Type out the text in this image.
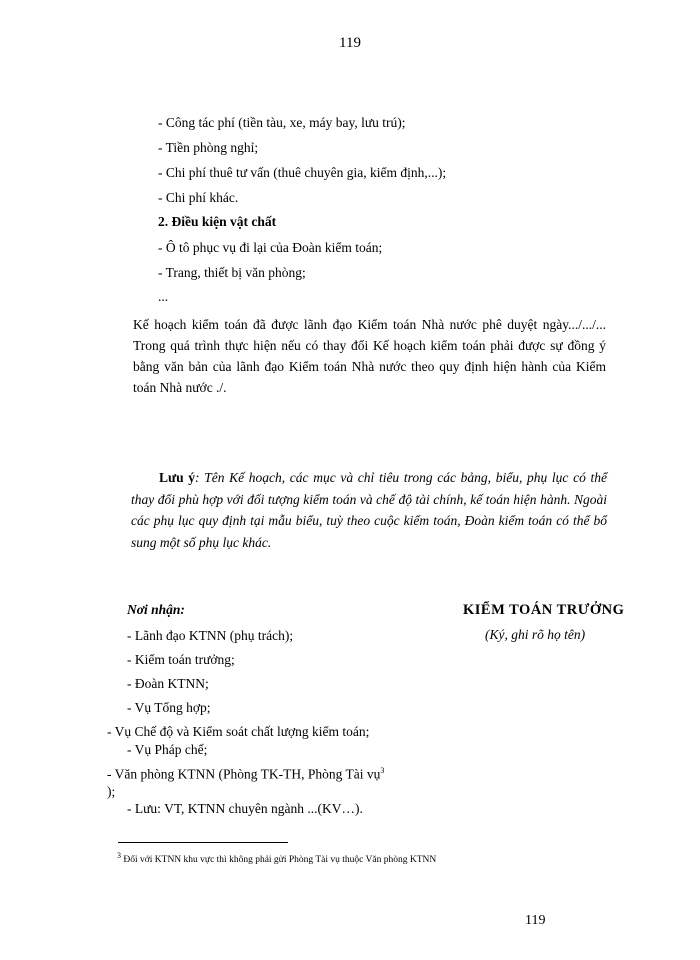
119
- Công tác phí (tiền tàu, xe, máy bay, lưu trú);
- Tiền phòng nghỉ;
- Chi phí thuê tư vấn (thuê chuyên gia, kiểm định,...);
- Chi phí khác.
2. Điều kiện vật chất
- Ô tô phục vụ đi lại của Đoàn kiểm toán;
- Trang, thiết bị văn phòng;
...
Kế hoạch kiểm toán đã được lãnh đạo Kiểm toán Nhà nước phê duyệt ngày.../.../... Trong quá trình thực hiện nếu có thay đổi Kế hoạch kiểm toán phải được sự đồng ý bằng văn bản của lãnh đạo Kiểm toán Nhà nước theo quy định hiện hành của Kiểm toán Nhà nước ./.
Lưu ý: Tên Kế hoạch, các mục và chỉ tiêu trong các bảng, biểu, phụ lục có thể thay đổi phù hợp với đối tượng kiểm toán và chế độ tài chính, kế toán hiện hành. Ngoài các phụ lục quy định tại mẫu biểu, tuỳ theo cuộc kiểm toán, Đoàn kiểm toán có thể bổ sung một số phụ lục khác.
Nơi nhận:
- Lãnh đạo KTNN (phụ trách);
- Kiểm toán trưởng;
- Đoàn KTNN;
- Vụ Tổng hợp;
- Vụ Chế độ và Kiểm soát chất lượng kiểm toán;
- Vụ Pháp chế;
- Văn phòng KTNN (Phòng TK-TH, Phòng Tài vụ$^3$
);
- Lưu: VT, KTNN chuyên ngành ...(KV…).
KIỂM TOÁN TRƯỞNG
(Ký, ghi rõ họ tên)
$^3$ Đối với KTNN khu vực thì không phải gửi Phòng Tài vụ thuộc Văn phòng KTNN
119
